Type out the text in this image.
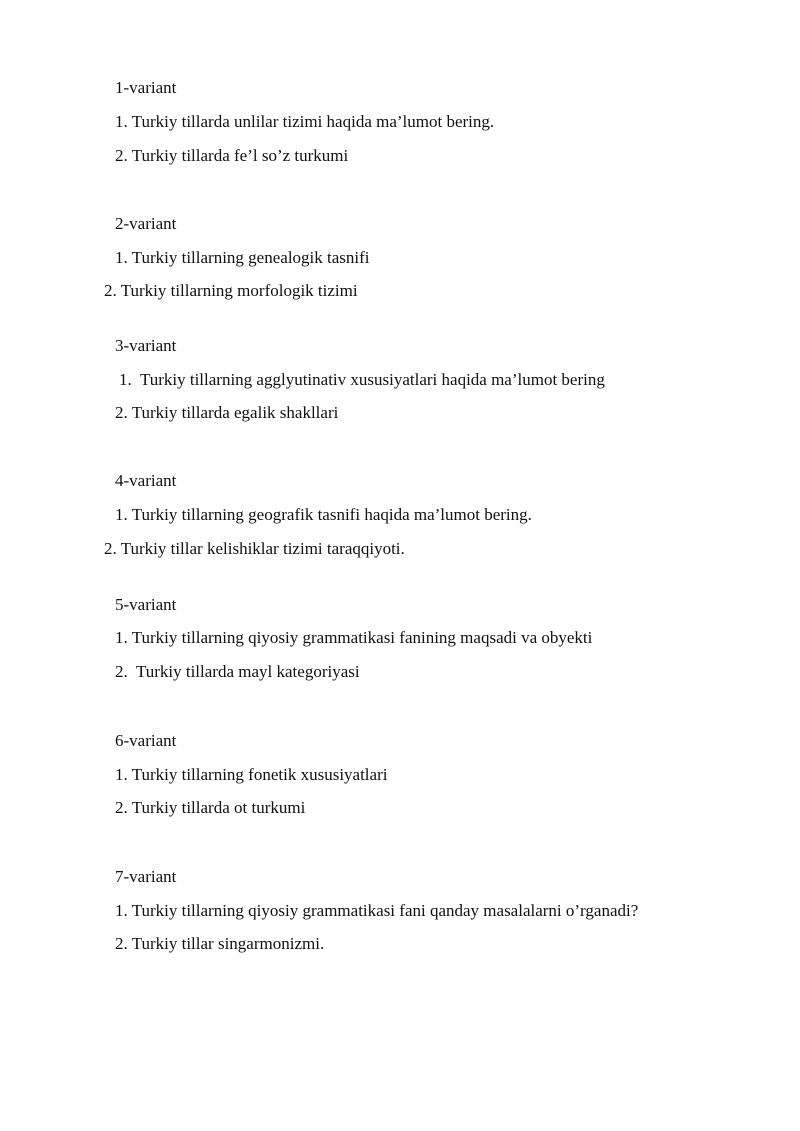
1-variant

1. Turkiy tillarda unlilar tizimi haqida ma’lumot bering.

2. Turkiy tillarda fe’l so’z turkumi

2-variant

1. Turkiy tillarning genealogik tasnifi

2. Turkiy tillarning morfologik tizimi

3-variant

1.  Turkiy tillarning agglyutinativ xususiyatlari haqida ma’lumot bering

2. Turkiy tillarda egalik shakllari

4-variant

1. Turkiy tillarning geografik tasnifi haqida ma’lumot bering.

2. Turkiy tillar kelishiklar tizimi taraqqiyoti.

5-variant

1. Turkiy tillarning qiyosiy grammatikasi fanining maqsadi va obyekti

2.  Turkiy tillarda mayl kategoriyasi

6-variant

1. Turkiy tillarning fonetik xususiyatlari

2. Turkiy tillarda ot turkumi

7-variant

1. Turkiy tillarning qiyosiy grammatikasi fani qanday masalalarni o’rganadi?

2. Turkiy tillar singarmonizmi.
